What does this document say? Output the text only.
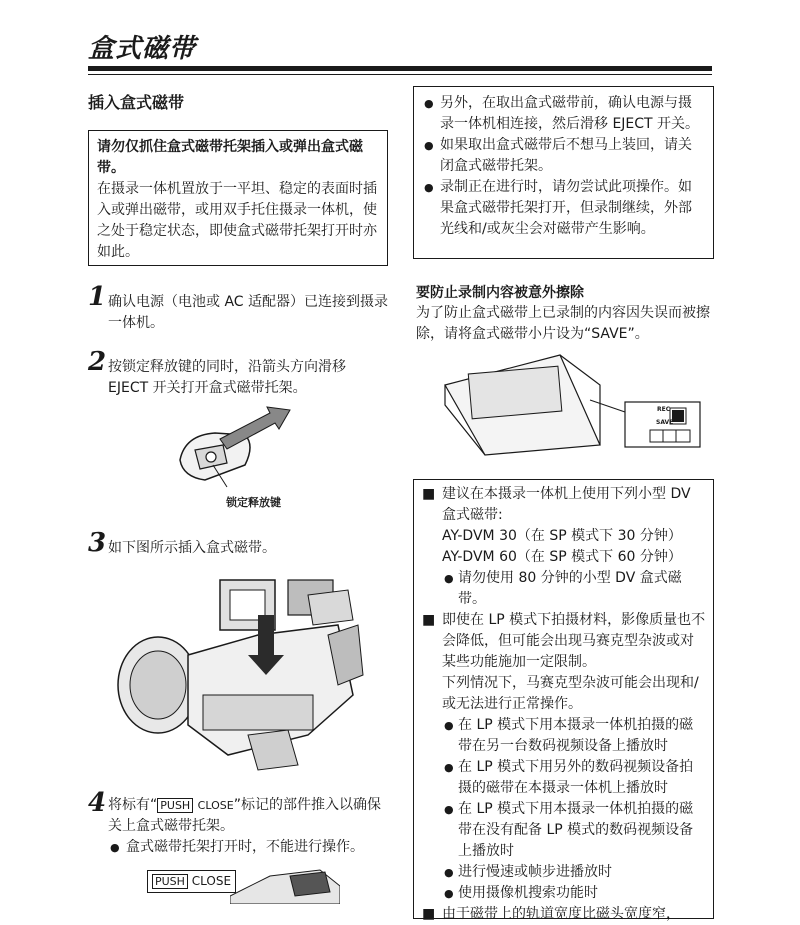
盒式磁带
插入盒式磁带
请勿仅抓住盒式磁带托架插入或弹出盒式磁带。
在摄录一体机置放于一平坦、稳定的表面时插入或弹出磁带，或用双手托住摄录一体机，使之处于稳定状态，即使盒式磁带托架打开时亦如此。
1 确认电源（电池或 AC 适配器）已连接到摄录一体机。
2 按锁定释放键的同时，沿箭头方向滑移 EJECT 开关打开盒式磁带托架。
锁定释放键
3 如下图所示插入盒式磁带。
4 将标有“ PUSH CLOSE”标记的部件推入以确保关上盒式磁带托架。
● 盒式磁带托架打开时，不能进行操作。
PUSH CLOSE
● 另外，在取出盒式磁带前，确认电源与摄录一体机相连接，然后滑移 EJECT 开关。
● 如果取出盒式磁带后不想马上装回，请关闭盒式磁带托架。
● 录制正在进行时，请勿尝试此项操作。如果盒式磁带托架打开，但录制继续，外部光线和/或灰尘会对磁带产生影响。
要防止录制内容被意外擦除
为了防止盒式磁带上已录制的内容因失误而被擦除，请将盒式磁带小片设为“SAVE”。
REC
SAVE
■ 建议在本摄录一体机上使用下列小型 DV 盒式磁带:
AY-DVM 30（在 SP 模式下 30 分钟）
AY-DVM 60（在 SP 模式下 60 分钟）
● 请勿使用 80 分钟的小型 DV 盒式磁带。
■ 即使在 LP 模式下拍摄材料，影像质量也不会降低，但可能会出现马赛克型杂波或对某些功能施加一定限制。
下列情况下，马赛克型杂波可能会出现和/或无法进行正常操作。
● 在 LP 模式下用本摄录一体机拍摄的磁带在另一台数码视频设备上播放时
● 在 LP 模式下用另外的数码视频设备拍摄的磁带在本摄录一体机上播放时
● 在 LP 模式下用本摄录一体机拍摄的磁带在没有配备 LP 模式的数码视频设备上播放时
● 进行慢速或帧步进播放时
● 使用摄像机搜索功能时
■ 由于磁带上的轨道宽度比磁头宽度窄，
